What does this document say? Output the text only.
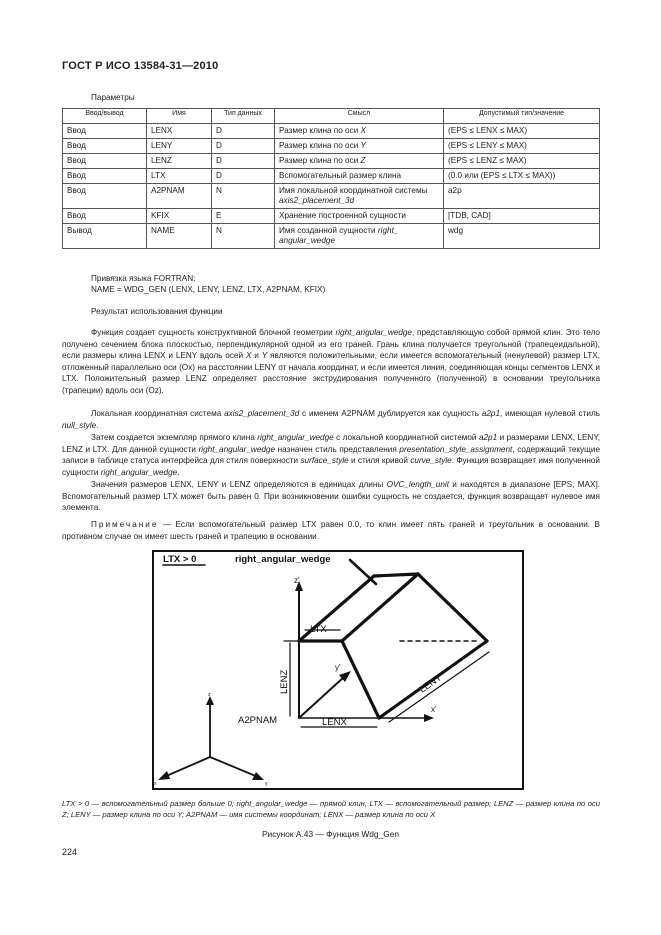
ГОСТ Р ИСО 13584-31—2010
Параметры
Ввод/вывод	Имя	Тип данных	Смысл	Допустимый тип/значение
Ввод	LENX	D	Размер клина по оси X	(EPS ≤ LENX ≤ MAX)
Ввод	LENY	D	Размер клина по оси Y	(EPS ≤ LENY ≤ MAX)
Ввод	LENZ	D	Размер клина по оси Z	(EPS ≤ LENZ ≤ MAX)
Ввод	LTX	D	Вспомогательный размер клина	(0.0 или (EPS ≤ LTX ≤ MAX))
Ввод	A2PNAM	N	Имя локальной координатной системы axis2_placement_3d	a2p
Ввод	KFIX	E	Хранение построенной сущности	[TDB, CAD]
Вывод	NAME	N	Имя созданной сущности right_ angular_wedge	wdg
Привязка языка FORTRAN:
NAME = WDG_GEN (LENX, LENY, LENZ, LTX, A2PNAM, KFIX)
Результат использования функции
Функция создает сущность конструктивной блочной геометрии right_angular_wedge, представляющую собой прямой клин. Это тело получено сечением блока плоскостью, перпендикулярной одной из его граней. Грань клина получается треугольной (трапецеидальной), если размеры клина LENX и LENY вдоль осей X и Y являются положительными, если имеется вспомогательный (ненулевой) размер LTX, отложенный параллельно оси (Ox) на расстоянии LENY от начала координат, и если имеется линия, соединяющая концы сегментов LENX и LTX. Положительный размер LENZ определяет расстояние экструдирования полученного (полученной) в основании треугольника (трапеции) вдоль оси (Oz).
Локальная координатная система axis2_placement_3d с именем A2PNAM дублируется как сущность a2p1, имеющая нулевой стиль null_style.
Затем создается экземпляр прямого клина right_angular_wedge с локальной координатной системой a2p1 и размерами LENX, LENY, LENZ и LTX. Для данной сущности right_angular_wedge назначен стиль представления presentation_style_assignment, содержащий текущие записи в таблице статуса интерфейса для стиля поверхности surface_style и стиля кривой curve_style. Функция возвращает имя полученной сущности right_angular_wedge.
Значения размеров LENX, LENY и LENZ определяются в единицах длины OVC_length_unit и находятся в диапазоне [EPS, MAX]. Вспомогательный размер LTX может быть равен 0. При возникновении ошибки сущность не создается, функция возвращает нулевое имя элемента.
Примечание — Если вспомогательный размер LTX равен 0.0, то клин имеет пять граней и треугольник в основании. В противном случае он имеет шесть граней и трапецию в основании.
LTX > 0	right_angular_wedge
z'
y'
x'
LTX
LENZ	LENY
LENX
A2PNAM
z
x	y
LTX > 0 — вспомогательный размер больше 0; right_angular_wedge — прямой клин; LTX — вспомогательный размер; LENZ — размер клина по оси Z; LENY — размер клина по оси Y; A2PNAM — имя системы координат; LENX — размер клина по оси X
Рисунок А.43 — Функция Wdg_Gen
224
